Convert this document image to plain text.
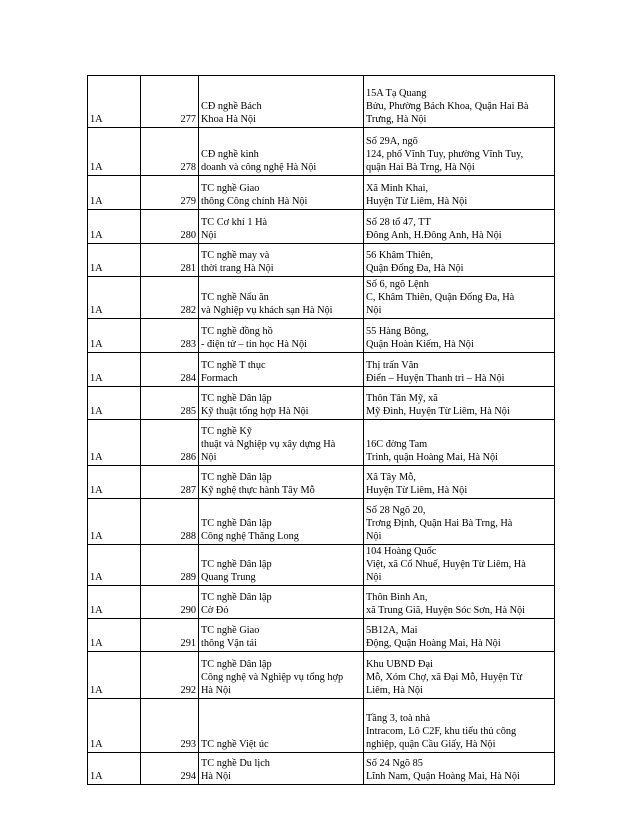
1A	277	CĐ nghề Bách
Khoa Hà Nội	15A Tạ Quang
Bửu, Phường Bách Khoa, Quận Hai Bà
Trưng, Hà Nội
1A	278	CĐ nghề kinh
doanh và công nghệ Hà Nội	Số 29A, ngõ
124, phố Vĩnh Tuy, phường Vĩnh Tuy,
quận Hai Bà Trng, Hà Nội
1A	279	TC nghề Giao
thông Công chính Hà Nội	Xã Minh Khai,
Huyện Từ Liêm, Hà Nội
1A	280	TC Cơ khí 1 Hà
Nội	Số 28 tổ 47, TT
Đông Anh, H.Đông Anh, Hà Nội
1A	281	TC nghề may và
thời trang Hà Nội	56 Khâm Thiên,
Quận Đống Đa, Hà Nội
1A	282	TC nghề Nấu ăn
và Nghiệp vụ khách sạn Hà Nội	Số 6, ngõ Lệnh
C, Khâm Thiên, Quận Đống Đa, Hà
Nội
1A	283	TC nghề đồng hồ
- điện tử – tin học Hà Nội	55 Hàng Bông,
Quận Hoàn Kiếm, Hà Nội
1A	284	TC nghề T thục
Formach	Thị trấn Văn
Điển – Huyện Thanh trì – Hà Nội
1A	285	TC nghề Dân lập
Kỹ thuật tổng hợp Hà Nội	Thôn Tân Mỹ, xã
Mỹ Đình, Huyện Từ Liêm, Hà Nội
1A	286	TC nghề Kỹ
thuật và Nghiệp vụ xây dựng Hà
Nội	16C đờng Tam
Trinh, quận Hoàng Mai, Hà Nội
1A	287	TC nghề Dân lập
Kỹ nghệ thực hành Tây Mỗ	Xã Tây Mỗ,
Huyện Từ Liêm, Hà Nội
1A	288	TC nghề Dân lập
Công nghệ Thăng Long	Số 28 Ngõ 20,
Trơng Định, Quận Hai Bà Trng, Hà
Nội
1A	289	TC nghề Dân lập
Quang Trung	104 Hoàng Quốc
Việt, xã Cổ Nhuế, Huyện Từ Liêm, Hà
Nội
1A	290	TC nghề Dân lập
Cờ Đỏ	Thôn Bình An,
xã Trung Giã, Huyện Sóc Sơn, Hà Nội
1A	291	TC nghề Giao
thông Vận tải	5B12A, Mai
Động, Quận Hoàng Mai, Hà Nội
1A	292	TC nghề Dân lập
Công nghệ và Nghiệp vụ tổng hợp
Hà Nội	Khu UBND Đại
Mỗ, Xóm Chợ, xã Đại Mỗ, Huyện Từ
Liêm, Hà Nội
1A	293	TC nghề Việt úc	Tầng 3, toà nhà
Intracom, Lô C2F, khu tiểu thủ công
nghiệp, quận Cầu Giấy, Hà Nội
1A	294	TC nghề Du lịch
Hà Nội	Số 24 Ngõ 85
Lĩnh Nam, Quận Hoàng Mai, Hà Nội
